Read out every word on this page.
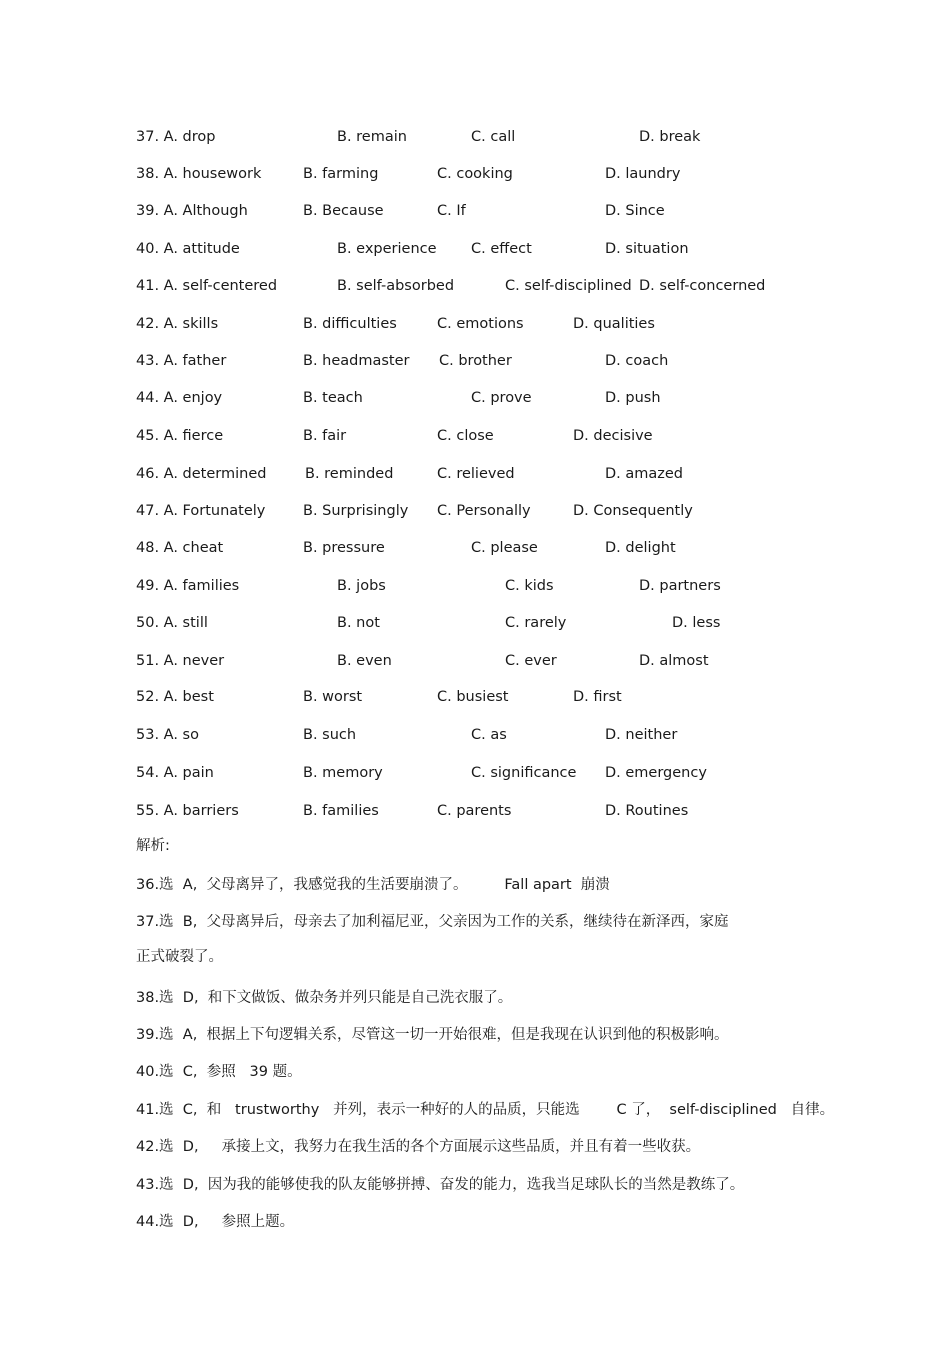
37. A. drop	B. remain	C. call	D. break
38. A. housework	B. farming	C. cooking	D. laundry
39. A. Although	B. Because	C. If	D. Since
40. A. attitude	B. experience C. effect	D. situation
41. A. self-centered	B. self-absorbed	C. self-disciplined D. self-concerned
42. A. skills	B. difficulties	C. emotions	D. qualities
43. A. father	B. headmaster C. brother	D. coach
44. A. enjoy	B. teach	C. prove	D. push
45. A. fierce	B. fair	C. close	D. decisive
46. A. determined	B. reminded	C. relieved	D. amazed
47. A. Fortunately	B. Surprisingly C. Personally	D. Consequently
48. A. cheat	B. pressure	C. please	D. delight
49. A. families	B. jobs	C. kids	D. partners
50. A. still	B. not	C. rarely	D. less
51. A. never	B. even	C. ever	D. almost
52. A. best	B. worst	C. busiest	D. first
53. A. so	B. such	C. as	D. neither
54. A. pain	B. memory	C. significance D. emergency
55. A. barriers	B. families	C. parents	D. Routines
解析:
36.选  A,  父母离异了，我感觉我的生活要崩溃了。        Fall apart  崩溃
37.选  B,  父母离异后，母亲去了加利福尼亚，父亲因为工作的关系，继续待在新泽西，家庭
正式破裂了。
38.选  D,  和下文做饭、做杂务并列只能是自己洗衣服了。
39.选  A,  根据上下句逻辑关系，尽管这一切一开始很难，但是我现在认识到他的积极影响。
40.选  C,  参照   39 题。
41.选  C,  和   trustworthy   并列，表示一种好的人的品质，只能选        C 了，  self-disciplined   自律。
42.选  D,     承接上文，我努力在我生活的各个方面展示这些品质，并且有着一些收获。
43.选  D,  因为我的能够使我的队友能够拼搏、奋发的能力，选我当足球队长的当然是教练了。
44.选  D,     参照上题。
